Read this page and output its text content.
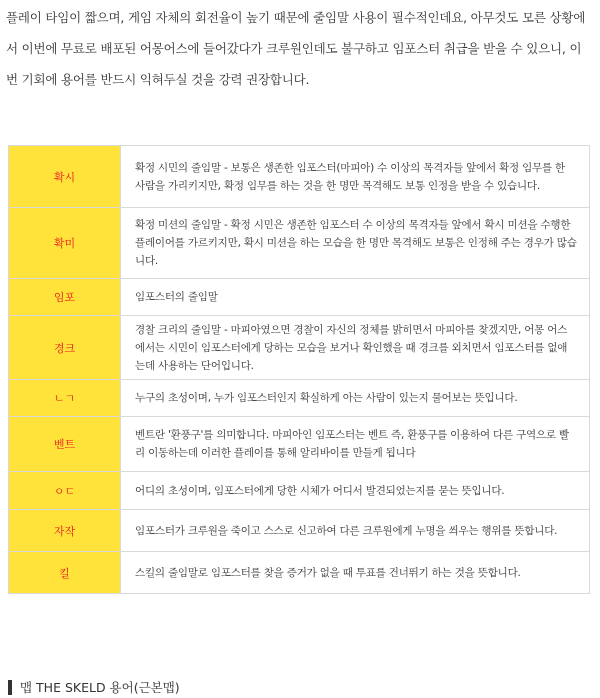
플레이 타임이 짧으며, 게임 자체의 회전율이 높기 때문에 줄임말 사용이 필수적인데요, 아무것도 모른 상황에서 이번에 무료로 배포된 어몽어스에 들어갔다가 크루원인데도 불구하고 임포스터 취급을 받을 수 있으니, 이번 기회에 용어를 반드시 익혀두실 것을 강력 권장합니다.

확시	확정 시민의 줄임말 - 보통은 생존한 임포스터(마피아) 수 이상의 목격자들 앞에서 확정 임무를 한 사람을 가리키지만, 확정 임무를 하는 것을 한 명만 목격해도 보통 인정을 받을 수 있습니다.
확미	확정 미션의 줄임말 - 확정 시민은 생존한 임포스터 수 이상의 목격자들 앞에서 확시 미션을 수행한 플레이어를 가르키지만, 확시 미션을 하는 모습을 한 명만 목격해도 보통은 인정해 주는 경우가 많습니다.
임포	임포스터의 줄임말
경크	경찰 크리의 줄임말 - 마피아였으면 경찰이 자신의 정체를 밝히면서 마피아를 찾겠지만, 어몽 어스에서는 시민이 임포스터에게 당하는 모습을 보거나 확인했을 때 경크를 외치면서 임포스터를 없애는데 사용하는 단어입니다.
ㄴㄱ	누구의 초성이며, 누가 임포스터인지 확실하게 아는 사람이 있는지 물어보는 뜻입니다.
벤트	벤트란 '환풍구'를 의미합니다. 마피아인 임포스터는 벤트 즉, 환풍구를 이용하여 다른 구역으로 빨리 이동하는데 이러한 플레이를 통해 알리바이를 만들게 됩니다
ㅇㄷ	어디의 초성이며, 임포스터에게 당한 시체가 어디서 발견되었는지를 묻는 뜻입니다.
자작	임포스터가 크루원을 죽이고 스스로 신고하여 다른 크루원에게 누명을 씌우는 행위를 뜻합니다.
킬	스킬의 줄임말로 임포스터를 찾을 증거가 없을 때 투표를 건너뛰기 하는 것을 뜻합니다.
맵 THE SKELD 용어(근본맵)
